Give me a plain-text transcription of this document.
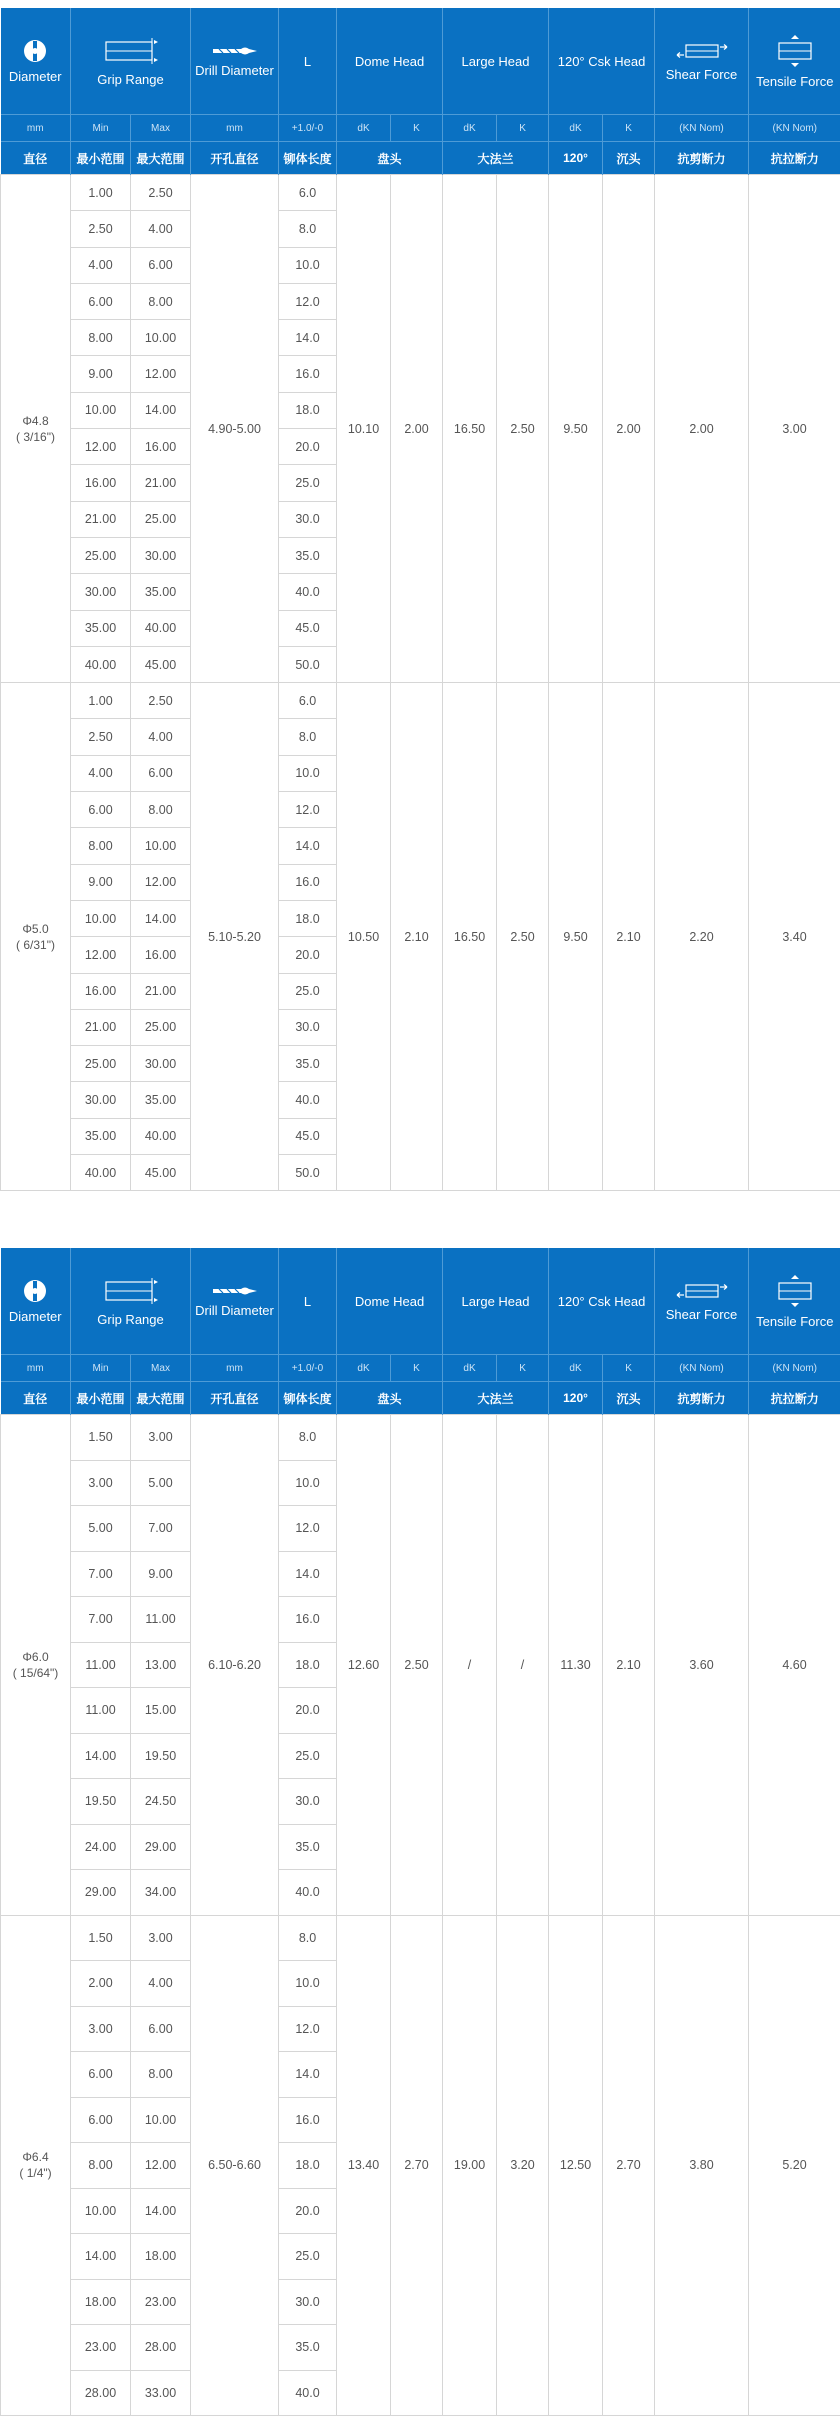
Diameter	Grip Range		Drill Diameter	L	Dome Head		Large Head		120° Csk Head		Shear Force	Tensile Force

mm	Min	Max	mm	+1.0/-0	dK	K	dK	K	dK	K	(KN Nom)	(KN Nom)
直径	最小范围	最大范围	开孔直径	铆体长度	盘头		大法兰		120°	沉头	抗剪断力	抗拉断力

Φ4.8
( 3/16")	1.00	2.50	4.90-5.00	6.0	10.10	2.00	16.50	2.50	9.50	2.00	2.00	3.00
	2.50	4.00		8.0								
	4.00	6.00		10.0								
	6.00	8.00		12.0								
	8.00	10.00		14.0								
	9.00	12.00		16.0								
	10.00	14.00		18.0								
	12.00	16.00		20.0								
	16.00	21.00		25.0								
	21.00	25.00		30.0								
	25.00	30.00		35.0								
	30.00	35.00		40.0								
	35.00	40.00		45.0								
	40.00	45.00		50.0								

Φ5.0
( 6/31")	1.00	2.50	5.10-5.20	6.0	10.50	2.10	16.50	2.50	9.50	2.10	2.20	3.40
	2.50	4.00		8.0								
	4.00	6.00		10.0								
	6.00	8.00		12.0								
	8.00	10.00		14.0								
	9.00	12.00		16.0								
	10.00	14.00		18.0								
	12.00	16.00		20.0								
	16.00	21.00		25.0								
	21.00	25.00		30.0								
	25.00	30.00		35.0								
	30.00	35.00		40.0								
	35.00	40.00		45.0								
	40.00	45.00		50.0								
Diameter	Grip Range		Drill Diameter	L	Dome Head		Large Head		120° Csk Head		Shear Force	Tensile Force

mm	Min	Max	mm	+1.0/-0	dK	K	dK	K	dK	K	(KN Nom)	(KN Nom)
直径	最小范围	最大范围	开孔直径	铆体长度	盘头		大法兰		120°	沉头	抗剪断力	抗拉断力

Φ6.0
( 15/64")	1.50	3.00	6.10-6.20	8.0	12.60	2.50	/	/	11.30	2.10	3.60	4.60
	3.00	5.00		10.0								
	5.00	7.00		12.0								
	7.00	9.00		14.0								
	7.00	11.00		16.0								
	11.00	13.00		18.0								
	11.00	15.00		20.0								
	14.00	19.50		25.0								
	19.50	24.50		30.0								
	24.00	29.00		35.0								
	29.00	34.00		40.0								

Φ6.4
( 1/4")	1.50	3.00	6.50-6.60	8.0	13.40	2.70	19.00	3.20	12.50	2.70	3.80	5.20
	2.00	4.00		10.0								
	3.00	6.00		12.0								
	6.00	8.00		14.0								
	6.00	10.00		16.0								
	8.00	12.00		18.0								
	10.00	14.00		20.0								
	14.00	18.00		25.0								
	18.00	23.00		30.0								
	23.00	28.00		35.0								
	28.00	33.00		40.0								
